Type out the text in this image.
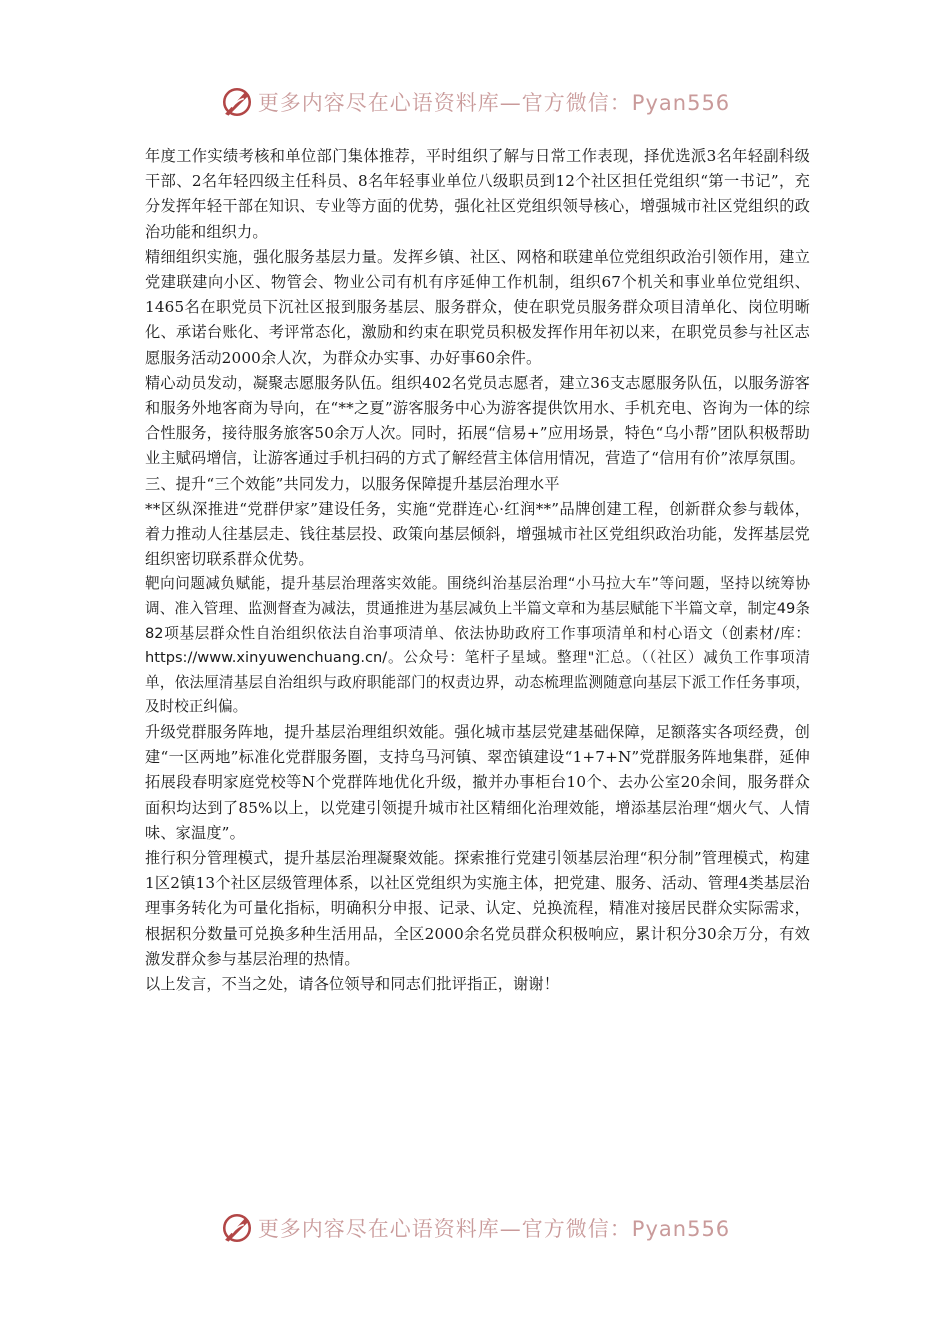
更多内容尽在心语资料库—官方微信：Pyan556

年度工作实绩考核和单位部门集体推荐，平时组织了解与日常工作表现，择优选派3名年轻副科级干部、2名年轻四级主任科员、8名年轻事业单位八级职员到12个社区担任党组织“第一书记”，充分发挥年轻干部在知识、专业等方面的优势，强化社区党组织领导核心，增强城市社区党组织的政治功能和组织力。

精细组织实施，强化服务基层力量。发挥乡镇、社区、网格和联建单位党组织政治引领作用，建立党建联建向小区、物管会、物业公司有机有序延伸工作机制，组织67个机关和事业单位党组织、1465名在职党员下沉社区报到服务基层、服务群众，使在职党员服务群众项目清单化、岗位明晰化、承诺台账化、考评常态化，激励和约束在职党员积极发挥作用年初以来，在职党员参与社区志愿服务活动2000余人次，为群众办实事、办好事60余件。

精心动员发动，凝聚志愿服务队伍。组织402名党员志愿者，建立36支志愿服务队伍，以服务游客和服务外地客商为导向，在“**之夏”游客服务中心为游客提供饮用水、手机充电、咨询为一体的综合性服务，接待服务旅客50余万人次。同时，拓展“信易+”应用场景，特色“乌小帮”团队积极帮助业主赋码增信，让游客通过手机扫码的方式了解经营主体信用情况，营造了“信用有价”浓厚氛围。

三、提升“三个效能”共同发力，以服务保障提升基层治理水平

**区纵深推进“党群伊家”建设任务，实施“党群连心·红润**”品牌创建工程，创新群众参与载体，着力推动人往基层走、钱往基层投、政策向基层倾斜，增强城市社区党组织政治功能，发挥基层党组织密切联系群众优势。

靶向问题减负赋能，提升基层治理落实效能。围绕纠治基层治理“小马拉大车”等问题，坚持以统筹协调、准入管理、监测督查为减法，贯通推进为基层减负上半篇文章和为基层赋能下半篇文章，制定49条82项基层群众性自治组织依法自治事项清单、依法协助政府工作事项清单和村心语文（创素材/库：https://www.xinyuwenchuang.cn/。公众号：笔杆子星域。整理"汇总。（（社区）减负工作事项清单，依法厘清基层自治组织与政府职能部门的权责边界，动态梳理监测随意向基层下派工作任务事项，及时校正纠偏。

升级党群服务阵地，提升基层治理组织效能。强化城市基层党建基础保障，足额落实各项经费，创建“一区两地”标准化党群服务圈，支持乌马河镇、翠峦镇建设“1+7+N”党群服务阵地集群，延伸拓展段春明家庭党校等N个党群阵地优化升级，撤并办事柜台10个、去办公室20余间，服务群众面积均达到了85%以上，以党建引领提升城市社区精细化治理效能，增添基层治理“烟火气、人情味、家温度”。

推行积分管理模式，提升基层治理凝聚效能。探索推行党建引领基层治理“积分制”管理模式，构建1区2镇13个社区层级管理体系，以社区党组织为实施主体，把党建、服务、活动、管理4类基层治理事务转化为可量化指标，明确积分申报、记录、认定、兑换流程，精准对接居民群众实际需求，根据积分数量可兑换多种生活用品，全区2000余名党员群众积极响应，累计积分30余万分，有效激发群众参与基层治理的热情。

以上发言，不当之处，请各位领导和同志们批评指正，谢谢！

更多内容尽在心语资料库—官方微信：Pyan556
